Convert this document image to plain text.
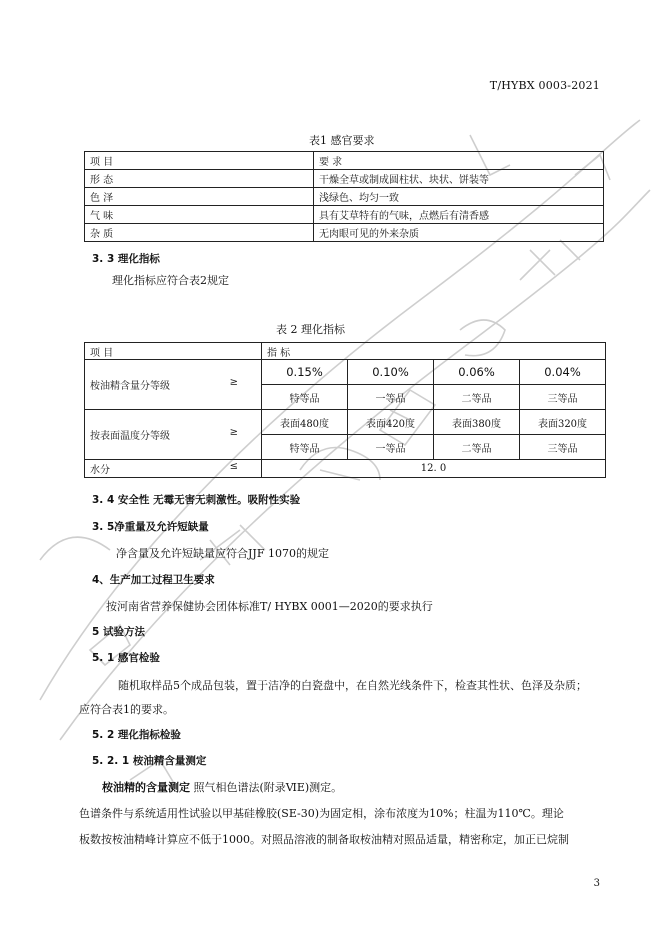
T/HYBX 0003-2021
表1 感官要求
项 目	要 求
形 态	干燥全草或制成圆柱状、块状、饼装等
色 泽	浅绿色、均匀一致
气 味	具有艾草特有的气味，点燃后有清香感
杂 质	无肉眼可见的外来杂质
3. 3 理化指标
理化指标应符合表2规定
表 2 理化指标
项 目	指 标			

桉油精含量分等级 ≥	0.15%	0.10%	0.06%	0.04%
	特等品	一等品	二等品	三等品

按表面温度分等级 ≥	表面480度	表面420度	表面380度	表面320度
	特等品	一等品	二等品	三等品

水分 ≤	12. 0			
3. 4 安全性 无霉无害无刺激性。吸附性实验
3. 5净重量及允许短缺量
净含量及允许短缺量应符合JJF 1070的规定
4、生产加工过程卫生要求
按河南省营养保健协会团体标准T/ HYBX 0001—2020的要求执行
5 试验方法
5. 1 感官检验
随机取样品5个成品包装，置于洁净的白瓷盘中，在自然光线条件下，检查其性状、色泽及杂质；
应符合表1的要求。
5. 2 理化指标检验
5. 2. 1 桉油精含量测定
桉油精的含量测定 照气相色谱法(附录ⅥE)测定。
色谱条件与系统适用性试验以甲基硅橡胶(SE-30)为固定相，涂布浓度为10%；柱温为110℃。理论
板数按桉油精峰计算应不低于1000。对照品溶液的制备取桉油精对照品适量，精密称定，加正已烷制
3
